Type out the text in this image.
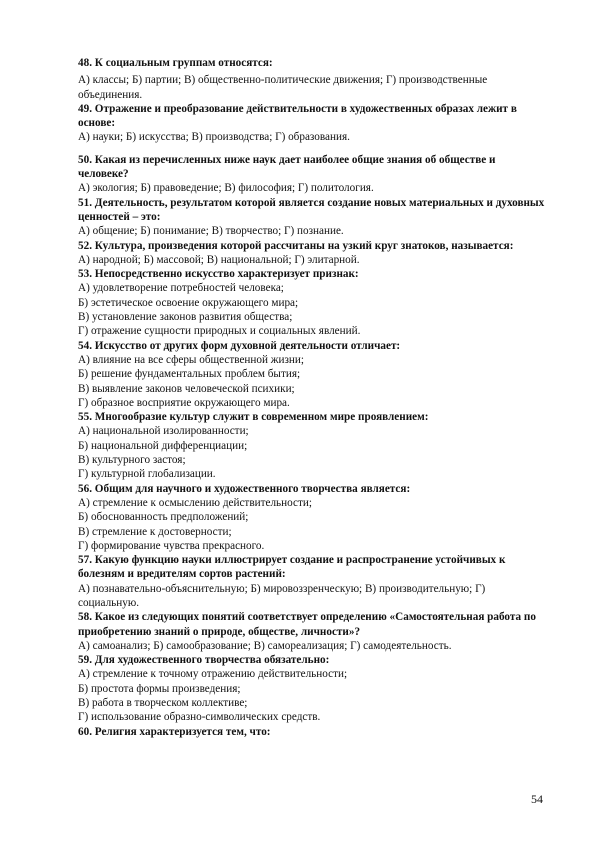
48. К социальным группам относятся:

А) классы; Б) партии; В) общественно-политические движения; Г) производственные объединения.

49. Отражение и преобразование действительности в художественных образах лежит в основе:

А) науки; Б) искусства; В) производства; Г) образования.

50. Какая из перечисленных ниже наук дает наиболее общие знания об обществе и человеке?

А) экология; Б) правоведение; В) философия; Г) политология.

51. Деятельность, результатом которой является создание новых материальных и духовных ценностей – это:

А) общение; Б) понимание; В) творчество; Г) познание.

52. Культура, произведения которой рассчитаны на узкий круг знатоков, называется:

А) народной; Б) массовой; В) национальной; Г) элитарной.

53. Непосредственно искусство характеризует признак:

А) удовлетворение потребностей человека;

Б) эстетическое освоение окружающего мира;

В) установление законов развития общества;

Г) отражение сущности природных и социальных явлений.

54. Искусство от других форм духовной деятельности отличает:

А) влияние на все сферы общественной жизни;

Б) решение фундаментальных проблем бытия;

В) выявление законов человеческой психики;

Г) образное восприятие окружающего мира.

55. Многообразие культур служит в современном мире проявлением:

А) национальной изолированности;

Б) национальной дифференциации;

В) культурного застоя;

Г) культурной глобализации.

56. Общим для научного и художественного творчества является:

А) стремление к осмыслению действительности;

Б) обоснованность предположений;

В) стремление к достоверности;

Г) формирование чувства прекрасного.

57. Какую функцию науки иллюстрирует создание и распространение устойчивых к болезням и вредителям сортов растений:

А) познавательно-объяснительную; Б) мировоззренческую; В) производительную; Г) социальную.

58. Какое из следующих понятий соответствует определению «Самостоятельная работа по приобретению знаний о природе, обществе, личности»?

А) самоанализ; Б) самообразование; В) самореализация; Г) самодеятельность.

59. Для художественного творчества обязательно:

А) стремление к точному отражению действительности;

Б) простота формы произведения;

В) работа в творческом коллективе;

Г) использование образно-символических средств.

60. Религия характеризуется тем, что:

54
